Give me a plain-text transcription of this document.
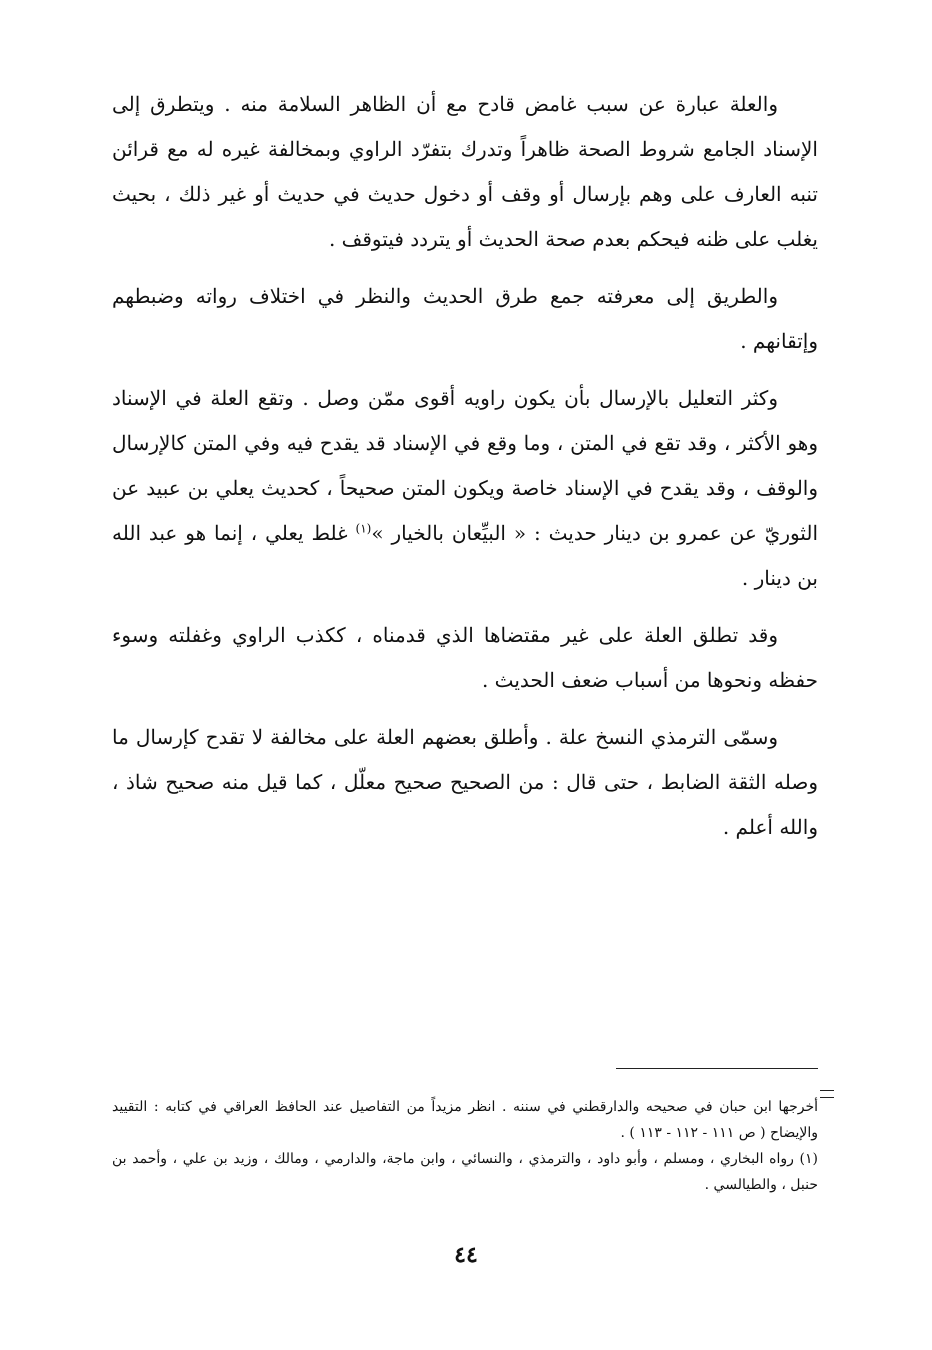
والعلة عبارة عن سبب غامض قادح مع أن الظاهر السلامة منه . ويتطرق إلى الإسناد الجامع شروط الصحة ظاهراً وتدرك بتفرّد الراوي وبمخالفة غيره له مع قرائن تنبه العارف على وهم بإرسال أو وقف أو دخول حديث في حديث أو غير ذلك ، بحيث يغلب على ظنه فيحكم بعدم صحة الحديث أو يتردد فيتوقف .

والطريق إلى معرفته جمع طرق الحديث والنظر في اختلاف رواته وضبطهم وإتقانهم .

وكثر التعليل بالإرسال بأن يكون راويه أقوى ممّن وصل . وتقع العلة في الإسناد وهو الأكثر ، وقد تقع في المتن ، وما وقع في الإسناد قد يقدح فيه وفي المتن كالإرسال والوقف ، وقد يقدح في الإسناد خاصة ويكون المتن صحيحاً ، كحديث يعلي بن عبيد عن الثوريّ عن عمرو بن دينار حديث : « البيِّعان بالخيار »$^{(١)}$ غلط يعلي ، إنما هو عبد الله بن دينار .

وقد تطلق العلة على غير مقتضاها الذي قدمناه ، ككذب الراوي وغفلته وسوء حفظه ونحوها من أسباب ضعف الحديث .

وسمّى الترمذي النسخ علة . وأطلق بعضهم العلة على مخالفة لا تقدح كإرسال ما وصله الثقة الضابط ، حتى قال : من الصحيح صحيح معلّل ، كما قيل منه صحيح شاذ ، والله أعلم .

أخرجها ابن حبان في صحيحه والدارقطني في سننه . انظر مزيداً من التفاصيل عند الحافظ العراقي في كتابه : التقييد والإيضاح ( ص ١١١ - ١١٢ - ١١٣ ) .

(١) رواه البخاري ، ومسلم ، وأبو داود ، والترمذي ، والنسائي ، وابن ماجة، والدارمي ، ومالك ، وزيد بن علي ، وأحمد بن حنبل ، والطيالسي .

٤٤
